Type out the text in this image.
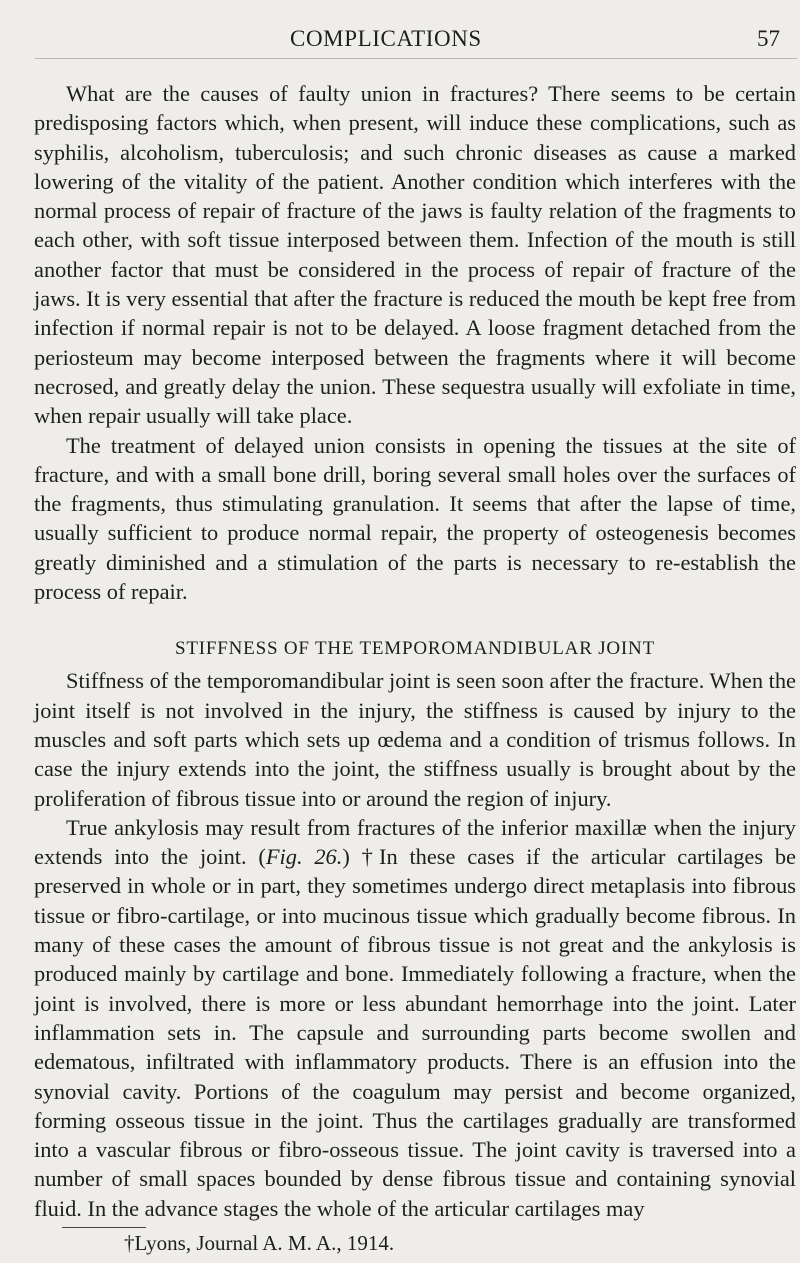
COMPLICATIONS	57

What are the causes of faulty union in fractures? There seems to be certain predisposing factors which, when present, will induce these complications, such as syphilis, alcoholism, tuberculosis; and such chronic diseases as cause a marked lowering of the vitality of the patient. Another condition which interferes with the normal process of repair of fracture of the jaws is faulty relation of the fragments to each other, with soft tissue interposed between them. Infection of the mouth is still another factor that must be considered in the process of repair of fracture of the jaws. It is very essential that after the fracture is reduced the mouth be kept free from infection if normal repair is not to be delayed. A loose fragment detached from the periosteum may become interposed between the fragments where it will become necrosed, and greatly delay the union. These sequestra usually will exfoliate in time, when repair usually will take place.

The treatment of delayed union consists in opening the tissues at the site of fracture, and with a small bone drill, boring several small holes over the surfaces of the fragments, thus stimulating granulation. It seems that after the lapse of time, usually sufficient to produce normal repair, the property of osteogenesis becomes greatly diminished and a stimulation of the parts is necessary to re-establish the process of repair.

STIFFNESS OF THE TEMPOROMANDIBULAR JOINT

Stiffness of the temporomandibular joint is seen soon after the fracture. When the joint itself is not involved in the injury, the stiffness is caused by injury to the muscles and soft parts which sets up œdema and a condition of trismus follows. In case the injury extends into the joint, the stiffness usually is brought about by the proliferation of fibrous tissue into or around the region of injury.

True ankylosis may result from fractures of the inferior maxillæ when the injury extends into the joint. (Fig. 26.) †In these cases if the articular cartilages be preserved in whole or in part, they sometimes undergo direct metaplasis into fibrous tissue or fibro-cartilage, or into mucinous tissue which gradually become fibrous. In many of these cases the amount of fibrous tissue is not great and the ankylosis is produced mainly by cartilage and bone. Immediately following a fracture, when the joint is involved, there is more or less abundant hemorrhage into the joint. Later inflammation sets in. The capsule and surrounding parts become swollen and edematous, infiltrated with inflammatory products. There is an effusion into the synovial cavity. Portions of the coagulum may persist and become organized, forming osseous tissue in the joint. Thus the cartilages gradually are transformed into a vascular fibrous or fibro-osseous tissue. The joint cavity is traversed into a number of small spaces bounded by dense fibrous tissue and containing synovial fluid. In the advance stages the whole of the articular cartilages may

†Lyons, Journal A. M. A., 1914.
